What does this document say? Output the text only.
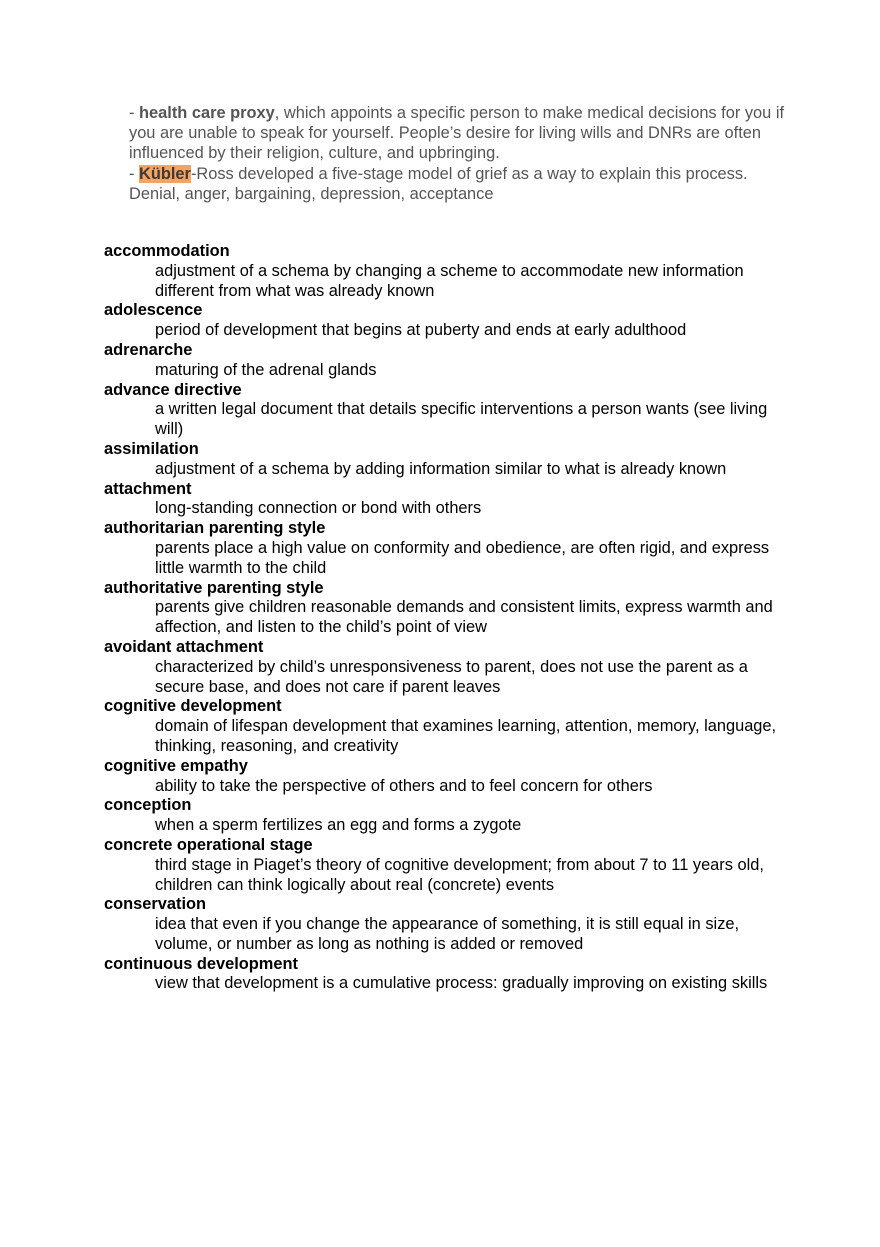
- health care proxy, which appoints a specific person to make medical decisions for you if you are unable to speak for yourself. People’s desire for living wills and DNRs are often influenced by their religion, culture, and upbringing.

- Kübler-Ross developed a five-stage model of grief as a way to explain this process. Denial, anger, bargaining, depression, acceptance

accommodation

adjustment of a schema by changing a scheme to accommodate new information different from what was already known

adolescence

period of development that begins at puberty and ends at early adulthood

adrenarche

maturing of the adrenal glands

advance directive

a written legal document that details specific interventions a person wants (see living will)

assimilation

adjustment of a schema by adding information similar to what is already known

attachment

long-standing connection or bond with others

authoritarian parenting style

parents place a high value on conformity and obedience, are often rigid, and express little warmth to the child

authoritative parenting style

parents give children reasonable demands and consistent limits, express warmth and affection, and listen to the child’s point of view

avoidant attachment

characterized by child’s unresponsiveness to parent, does not use the parent as a secure base, and does not care if parent leaves

cognitive development

domain of lifespan development that examines learning, attention, memory, language, thinking, reasoning, and creativity

cognitive empathy

ability to take the perspective of others and to feel concern for others

conception

when a sperm fertilizes an egg and forms a zygote

concrete operational stage

third stage in Piaget’s theory of cognitive development; from about 7 to 11 years old, children can think logically about real (concrete) events

conservation

idea that even if you change the appearance of something, it is still equal in size, volume, or number as long as nothing is added or removed

continuous development

view that development is a cumulative process: gradually improving on existing skills
